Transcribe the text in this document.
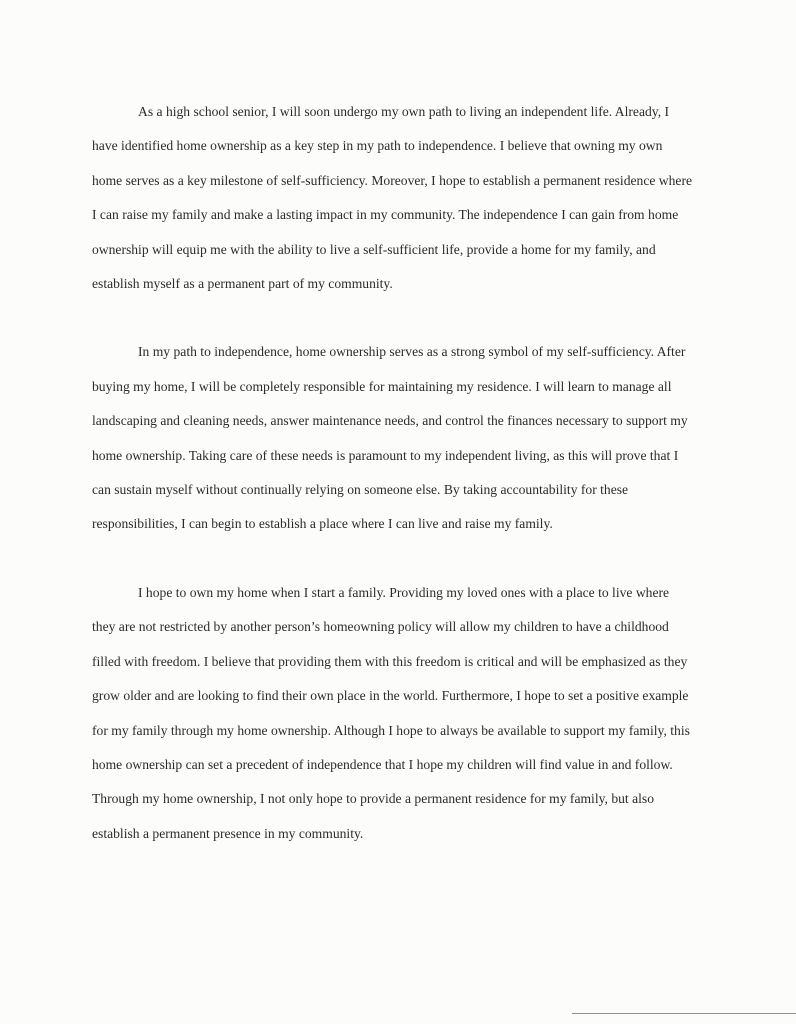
As a high school senior, I will soon undergo my own path to living an independent life. Already, I have identified home ownership as a key step in my path to independence. I believe that owning my own home serves as a key milestone of self-sufficiency. Moreover, I hope to establish a permanent residence where I can raise my family and make a lasting impact in my community. The independence I can gain from home ownership will equip me with the ability to live a self-sufficient life, provide a home for my family, and establish myself as a permanent part of my community.

In my path to independence, home ownership serves as a strong symbol of my self-sufficiency. After buying my home, I will be completely responsible for maintaining my residence. I will learn to manage all landscaping and cleaning needs, answer maintenance needs, and control the finances necessary to support my home ownership. Taking care of these needs is paramount to my independent living, as this will prove that I can sustain myself without continually relying on someone else. By taking accountability for these responsibilities, I can begin to establish a place where I can live and raise my family.

I hope to own my home when I start a family. Providing my loved ones with a place to live where they are not restricted by another person’s homeowning policy will allow my children to have a childhood filled with freedom. I believe that providing them with this freedom is critical and will be emphasized as they grow older and are looking to find their own place in the world. Furthermore, I hope to set a positive example for my family through my home ownership. Although I hope to always be available to support my family, this home ownership can set a precedent of independence that I hope my children will find value in and follow. Through my home ownership, I not only hope to provide a permanent residence for my family, but also establish a permanent presence in my community.
